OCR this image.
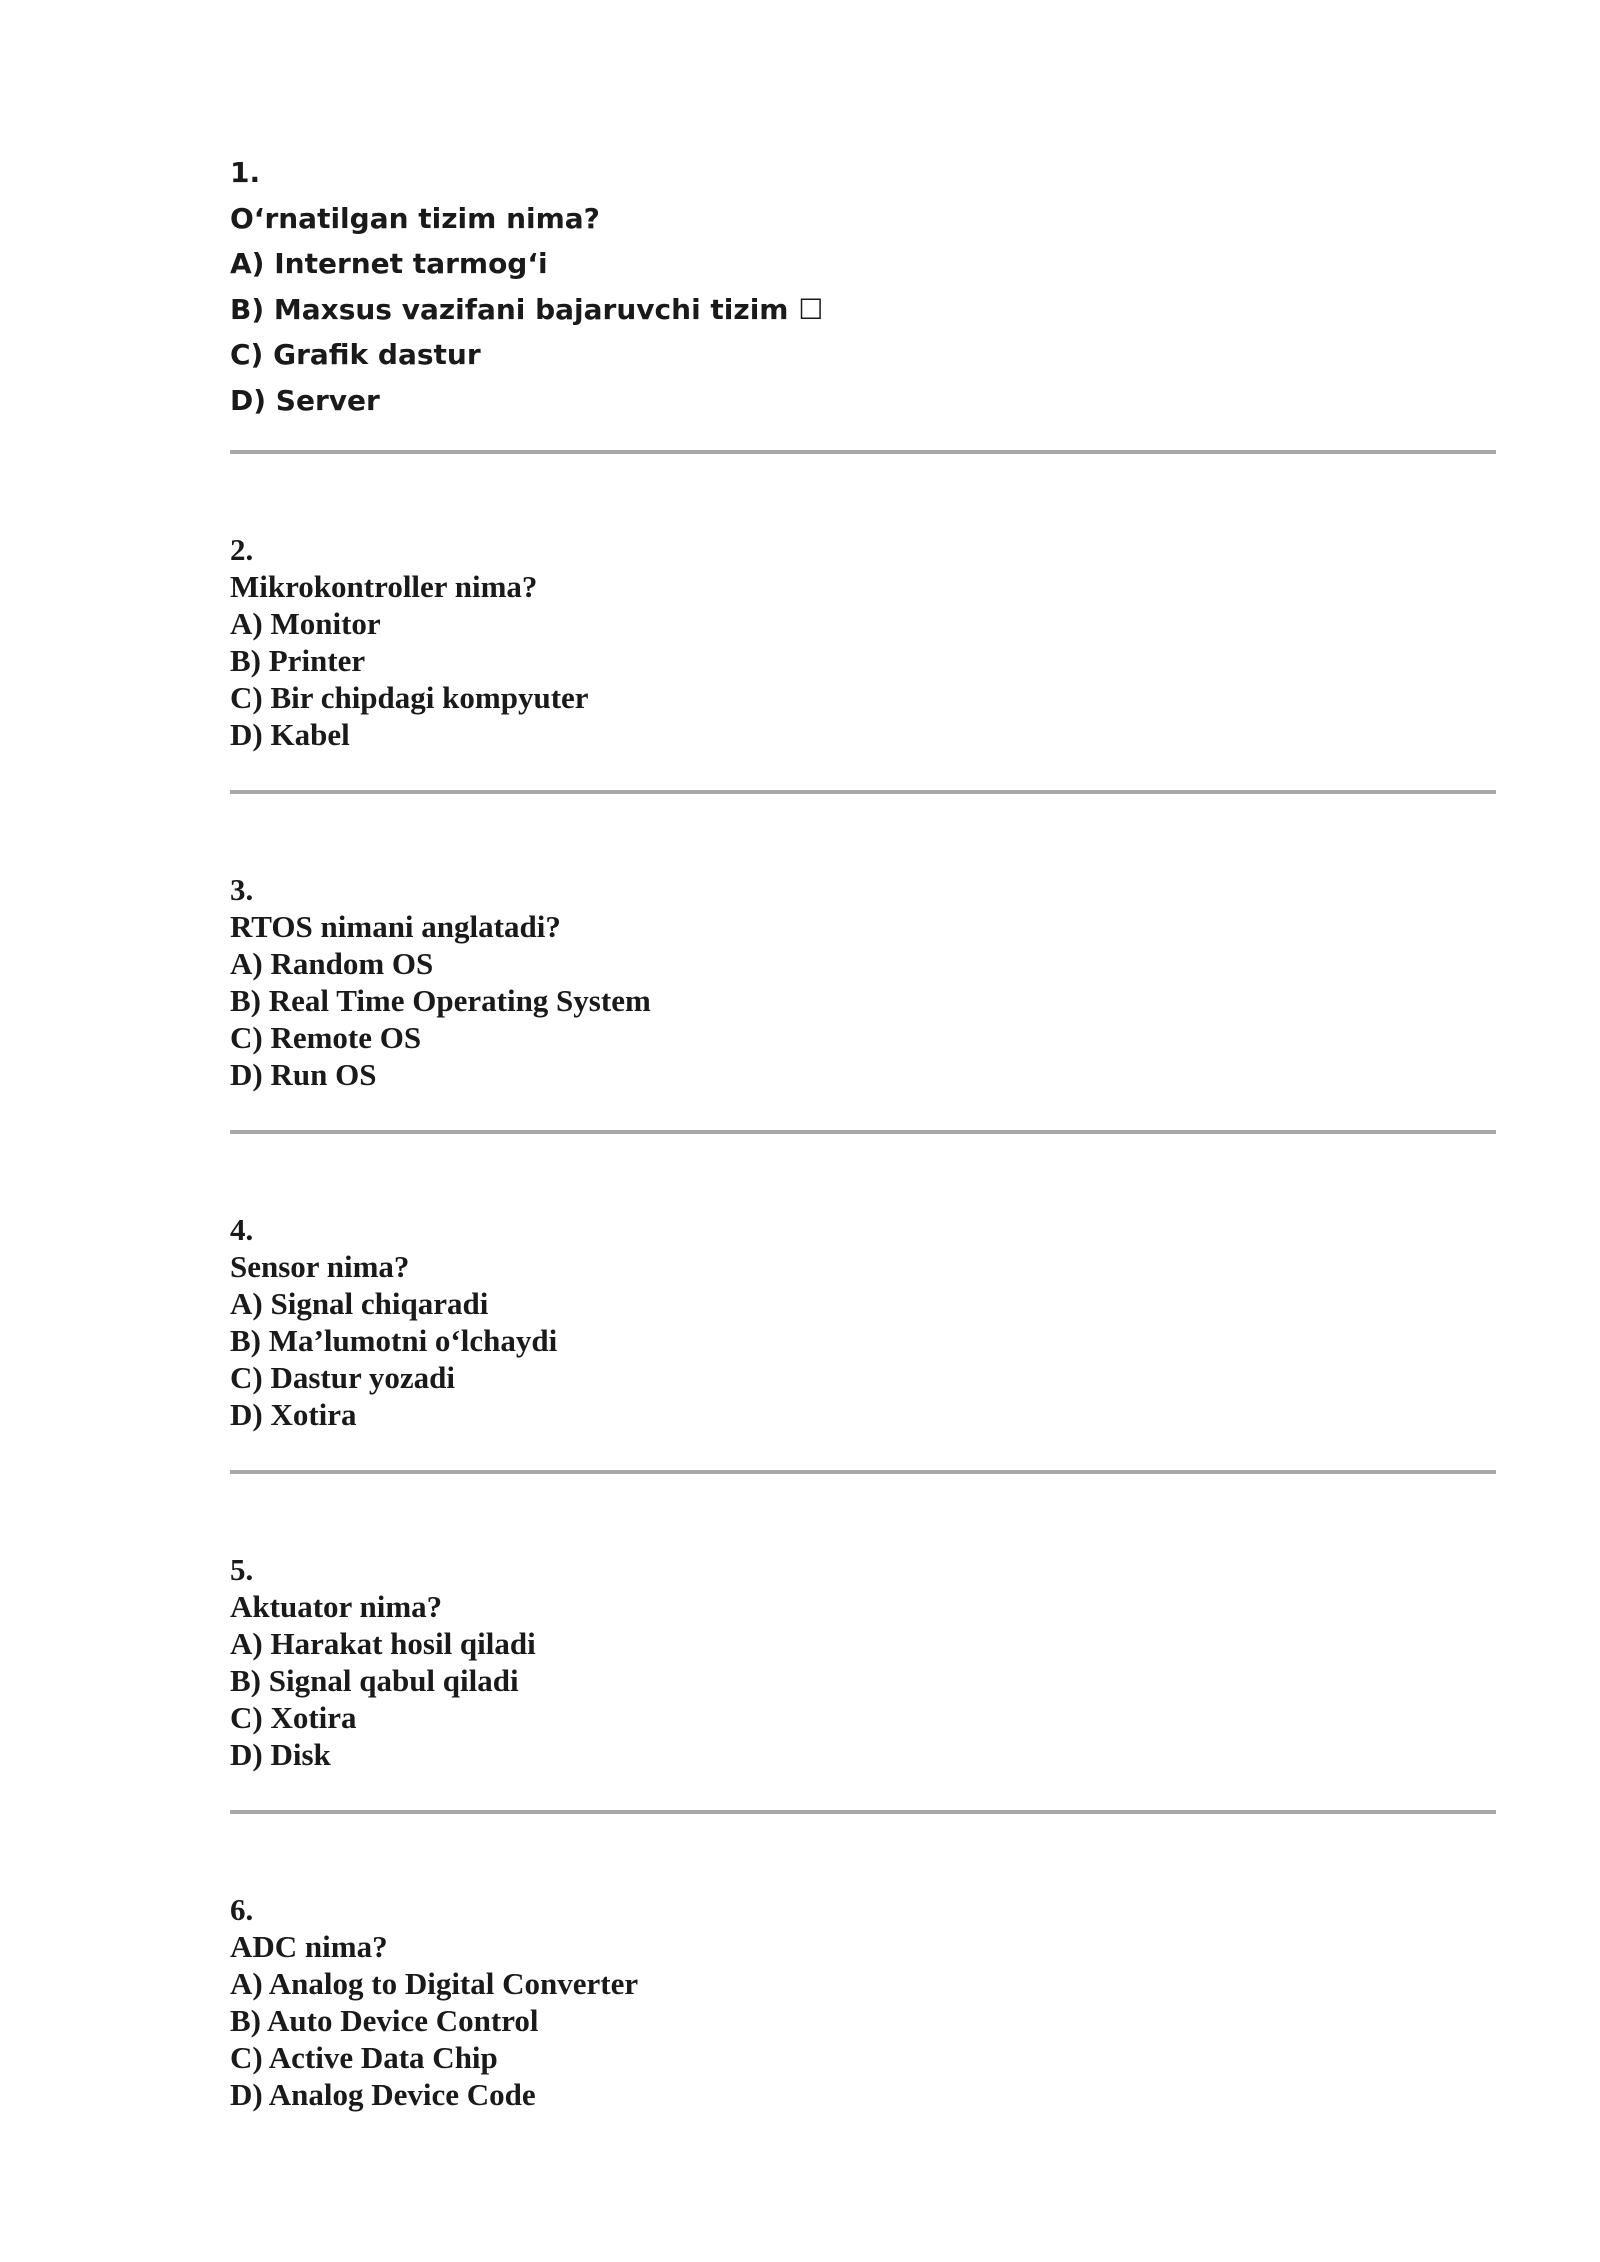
1.
O‘rnatilgan tizim nima?
A) Internet tarmog‘i
B) Maxsus vazifani bajaruvchi tizim ☐
C) Grafik dastur
D) Server
2.
Mikrokontroller nima?
A) Monitor
B) Printer
C) Bir chipdagi kompyuter
D) Kabel
3.
RTOS nimani anglatadi?
A) Random OS
B) Real Time Operating System
C) Remote OS
D) Run OS
4.
Sensor nima?
A) Signal chiqaradi
B) Ma’lumotni o‘lchaydi
C) Dastur yozadi
D) Xotira
5.
Aktuator nima?
A) Harakat hosil qiladi
B) Signal qabul qiladi
C) Xotira
D) Disk
6.
ADC nima?
A) Analog to Digital Converter
B) Auto Device Control
C) Active Data Chip
D) Analog Device Code
